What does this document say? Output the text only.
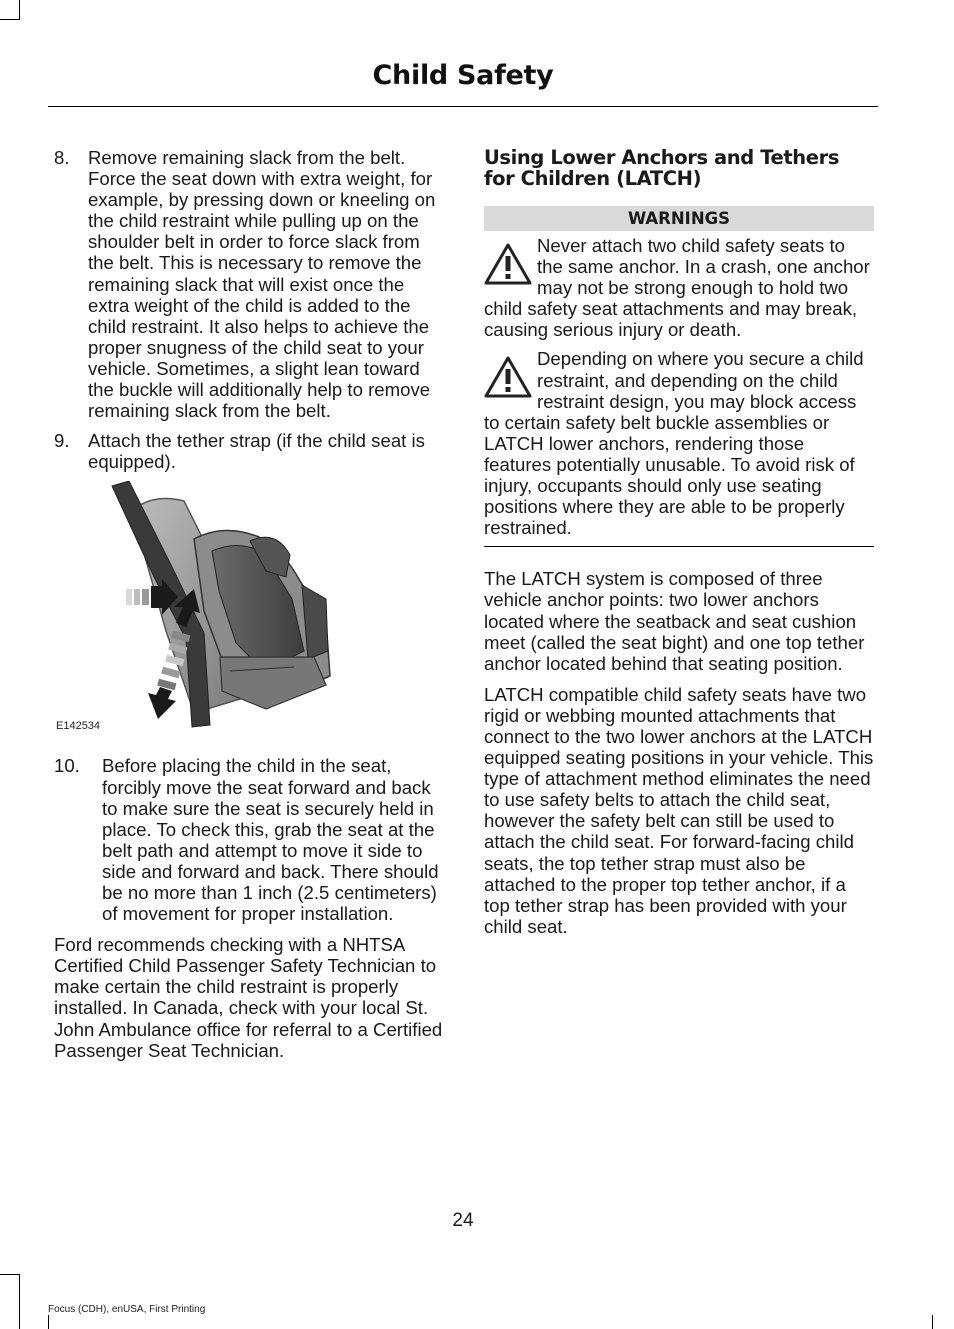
Child Safety
8. Remove remaining slack from the belt. Force the seat down with extra weight, for example, by pressing down or kneeling on the child restraint while pulling up on the shoulder belt in order to force slack from the belt. This is necessary to remove the remaining slack that will exist once the extra weight of the child is added to the child restraint. It also helps to achieve the proper snugness of the child seat to your vehicle. Sometimes, a slight lean toward the buckle will additionally help to remove remaining slack from the belt.
9. Attach the tether strap (if the child seat is equipped).
E142534
10.	Before placing the child in the seat, forcibly move the seat forward and back to make sure the seat is securely held in place. To check this, grab the seat at the belt path and attempt to move it side to side and forward and back. There should be no more than 1 inch (2.5 centimeters) of movement for proper installation.
Ford recommends checking with a NHTSA Certified Child Passenger Safety Technician to make certain the child restraint is properly installed. In Canada, check with your local St. John Ambulance office for referral to a Certified Passenger Seat Technician.
Using Lower Anchors and Tethers for Children (LATCH)
WARNINGS
Never attach two child safety seats to the same anchor. In a crash, one anchor may not be strong enough to hold two child safety seat attachments and may break, causing serious injury or death.
Depending on where you secure a child restraint, and depending on the child restraint design, you may block access to certain safety belt buckle assemblies or LATCH lower anchors, rendering those features potentially unusable. To avoid risk of injury, occupants should only use seating positions where they are able to be properly restrained.
The LATCH system is composed of three vehicle anchor points: two lower anchors located where the seatback and seat cushion meet (called the seat bight) and one top tether anchor located behind that seating position.
LATCH compatible child safety seats have two rigid or webbing mounted attachments that connect to the two lower anchors at the LATCH equipped seating positions in your vehicle. This type of attachment method eliminates the need to use safety belts to attach the child seat, however the safety belt can still be used to attach the child seat. For forward-facing child seats, the top tether strap must also be attached to the proper top tether anchor, if a top tether strap has been provided with your child seat.
24
Focus (CDH), enUSA, First Printing
